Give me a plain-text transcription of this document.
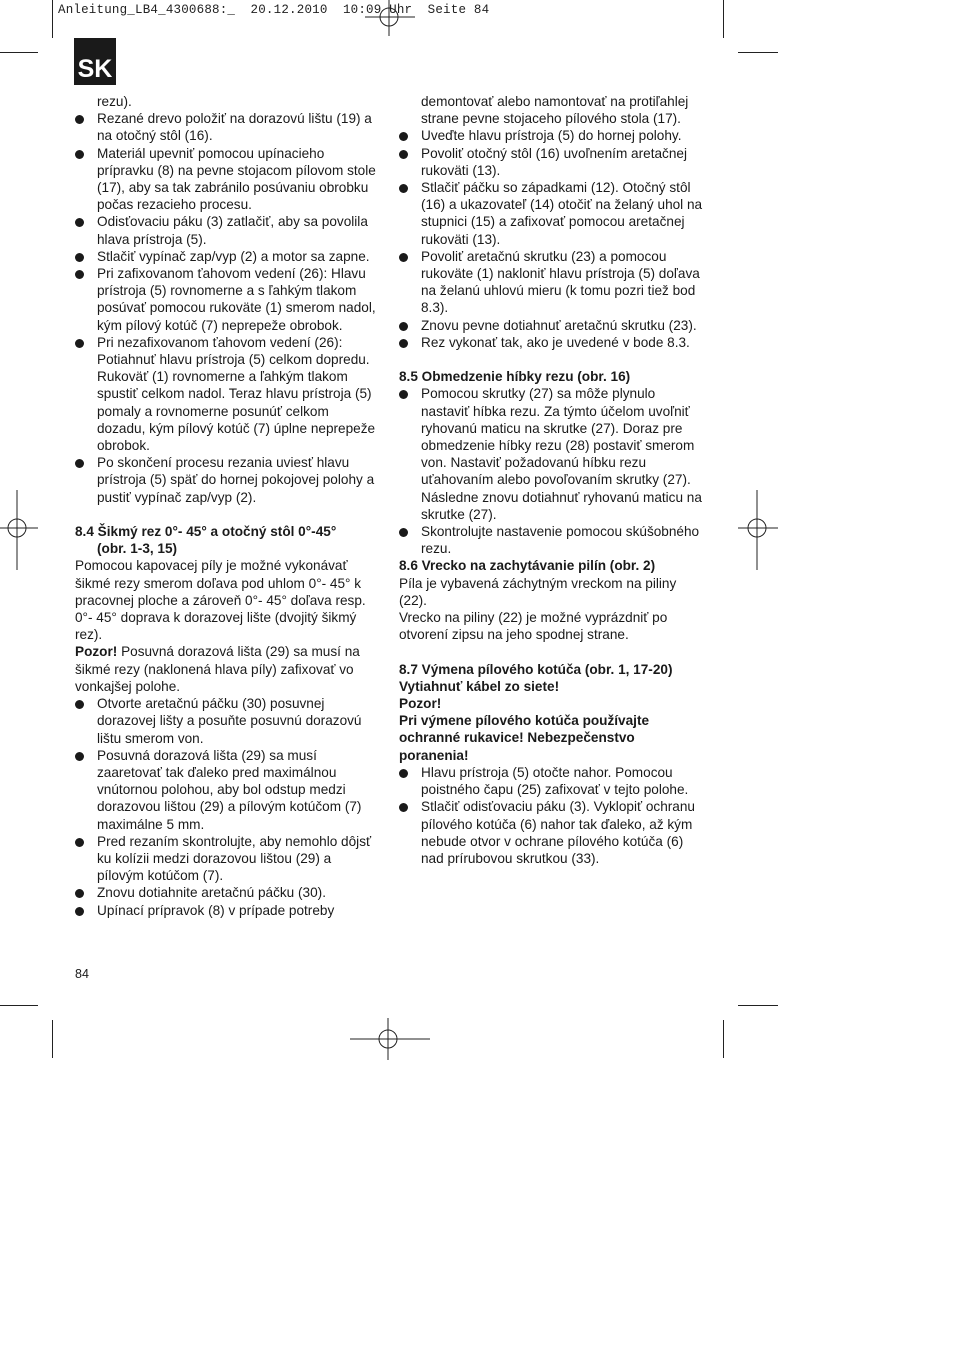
Anleitung_LB4_4300688:_  20.12.2010  10:09 Uhr  Seite 84
SK

rezu).

Rezané drevo položiť na dorazovú lištu (19) a na otočný stôl (16).
Materiál upevniť pomocou upínacieho prípravku (8) na pevne stojacom pílovom stole (17), aby sa tak zabránilo posúvaniu obrobku počas rezacieho procesu.
Odisťovaciu páku (3) zatlačiť, aby sa povolila hlava prístroja (5).
Stlačiť vypínač zap/vyp (2) a motor sa zapne.
Pri zafixovanom ťahovom vedení (26): Hlavu prístroja (5) rovnomerne a s ľahkým tlakom posúvať pomocou rukoväte (1) smerom nadol, kým pílový kotúč (7) nepreреže obrobok.
Pri nezafixovanom ťahovom vedení (26): Potiahnuť hlavu prístroja (5) celkom dopredu. Rukoväť (1) rovnomerne a ľahkým tlakom spustiť celkom nadol. Teraz hlavu prístroja (5) pomaly a rovnomerne posunúť celkom dozadu, kým pílový kotúč (7) úplne nepreреže obrobok.
Po skončení procesu rezania uviesť hlavu prístroja (5) späť do hornej pokojovej polohy a pustiť vypínač zap/vyp (2).

8.4 Šikmý rez 0°- 45° a otočný stôl 0°-45°

(obr. 1-3, 15)

Pomocou kapovacej píly je možné vykonávať šikmé rezy smerom doľava pod uhlom 0°- 45° k pracovnej ploche a zároveň 0°- 45° doľava resp. 0°- 45° doprava k dorazovej lište (dvojitý šikmý rez).

Pozor! Posuvná dorazová lišta (29) sa musí na šikmé rezy (naklonená hlava píly) zafixovať vo vonkajšej polohe.

Otvorte aretačnú páčku (30) posuvnej dorazovej lišty a posuňte posuvnú dorazovú lištu smerom von.
Posuvná dorazová lišta (29) sa musí zaaretovať tak ďaleko pred maximálnou vnútornou polohou, aby bol odstup medzi dorazovou lištou (29) a pílovým kotúčom (7) maximálne 5 mm.
Pred rezaním skontrolujte, aby nemohlo dôjsť ku kolízii medzi dorazovou lištou (29) a pílovým kotúčom (7).
Znovu dotiahnite aretačnú páčku (30).
Upínací prípravok (8) v prípade potreby

demontovať alebo namontovať na protiľahlej strane pevne stojaceho pílového stola (17).

Uveďte hlavu prístroja (5) do hornej polohy.
Povoliť otočný stôl (16) uvoľnením aretačnej rukoväti (13).
Stlačiť páčku so západkami (12). Otočný stôl (16) a ukazovateľ (14) otočiť na želaný uhol na stupnici (15) a zafixovať pomocou aretačnej rukoväti (13).
Povoliť aretačnú skrutku (23) a pomocou rukoväte (1) nakloniť hlavu prístroja (5) doľava na želanú uhlovú mieru (k tomu pozri tiež bod 8.3).
Znovu pevne dotiahnuť aretačnú skrutku (23).
Rez vykonať tak, ako je uvedené v bode 8.3.

8.5 Obmedzenie híbky rezu (obr. 16)

Pomocou skrutky (27) sa môže plynulo nastaviť híbka rezu. Za týmto účelom uvoľniť ryhovanú maticu na skrutke (27). Doraz pre obmedzenie híbky rezu (28) postaviť smerom von. Nastaviť požadovanú híbku rezu uťahovaním alebo povoľovaním skrutky (27). Následne znovu dotiahnuť ryhovanú maticu na skrutke (27).
Skontrolujte nastavenie pomocou skúšobného rezu.

8.6 Vrecko na zachytávanie pilín (obr. 2)

Píla je vybavená záchytným vreckom na piliny (22).

Vrecko na piliny (22) je možné vyprázdniť po otvorení zipsu na jeho spodnej strane.

8.7 Výmena pílového kotúča (obr. 1, 17-20)

Vytiahnuť kábel zo siete!

Pozor!

Pri výmene pílového kotúča používajte ochranné rukavice! Nebezpečenstvo poranenia!

Hlavu prístroja (5) otočte nahor. Pomocou poistného čapu (25) zafixovať v tejto polohe.
Stlačiť odisťovaciu páku (3). Vyklopiť ochranu pílového kotúča (6) nahor tak ďaleko, až kým nebude otvor v ochrane pílového kotúča (6) nad prírubovou skrutkou (33).
84
